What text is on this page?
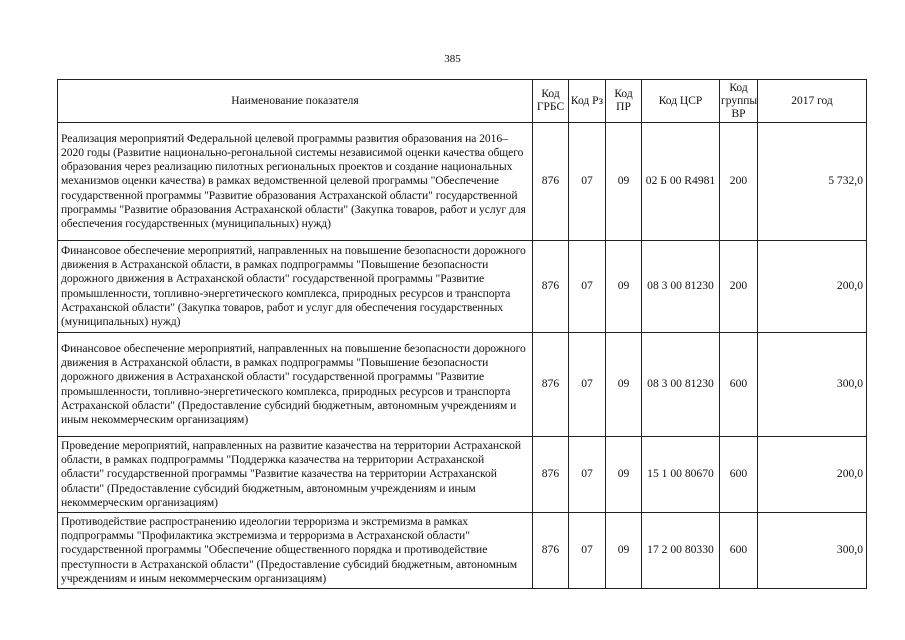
385
Наименование показателя	Код ГРБС	Код Рз	Код ПР	Код ЦСР	Код группы ВР	2017 год
Реализация мероприятий Федеральной целевой программы развития образования на 2016–2020 годы (Развитие национально-регональной системы независимой оценки качества общего образования через реализацию пилотных региональных проектов и создание национальных механизмов оценки качества) в рамках ведомственной целевой программы "Обеспечение государственной программы "Развитие образования Астраханской области" государственной программы "Развитие образования Астраханской области" (Закупка товаров, работ и услуг для обеспечения государственных (муниципальных) нужд)	876	07	09	02 Б 00 R4981	200	5 732,0
Финансовое обеспечение мероприятий, направленных на повышение безопасности дорожного движения в Астраханской области, в рамках подпрограммы "Повышение безопасности дорожного движения в Астраханской области" государственной программы "Развитие промышленности, топливно-энергетического комплекса, природных ресурсов и транспорта Астраханской области" (Закупка товаров, работ и услуг для обеспечения государственных (муниципальных) нужд)	876	07	09	08 3 00 81230	200	200,0
Финансовое обеспечение мероприятий, направленных на повышение безопасности дорожного движения в Астраханской области, в рамках подпрограммы "Повышение безопасности дорожного движения в Астраханской области" государственной программы "Развитие промышленности, топливно-энергетического комплекса, природных ресурсов и транспорта Астраханской области" (Предоставление субсидий бюджетным, автономным учреждениям и иным некоммерческим организациям)	876	07	09	08 3 00 81230	600	300,0
Проведение мероприятий, направленных на развитие казачества на территории Астраханской области, в рамках подпрограммы "Поддержка казачества на территории Астраханской области" государственной программы "Развитие казачества на территории Астраханской области" (Предоставление субсидий бюджетным, автономным учреждениям и иным некоммерческим организациям)	876	07	09	15 1 00 80670	600	200,0
Противодействие распространению идеологии терроризма и экстремизма в рамках подпрограммы "Профилактика экстремизма и терроризма в Астраханской области" государственной программы "Обеспечение общественного порядка и противодействие преступности в Астраханской области" (Предоставление субсидий бюджетным, автономным учреждениям и иным некоммерческим организациям)	876	07	09	17 2 00 80330	600	300,0
